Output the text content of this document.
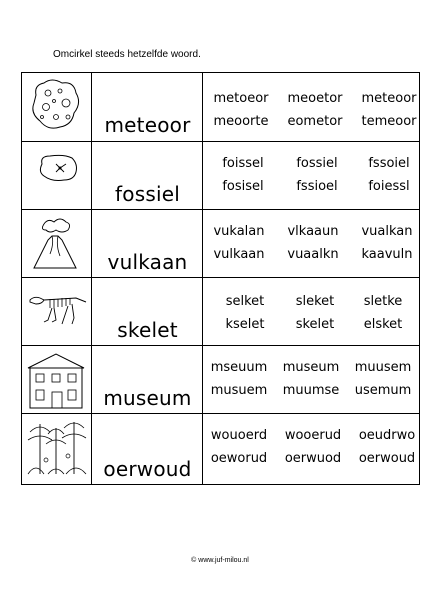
Omcirkel steeds hetzelfde woord.
meteoor
metoeor	meoetor	meteoor
meoorte	eometor	temeoor
fossiel
foissel	fossiel	fssoiel
fosisel	fssioel	foiessl
vulkaan
vukalan	vlkaaun	vualkan
vulkaan	vuaalkn	kaavuln
skelet
selket	sleket	sletke
kselet	skelet	elsket
museum
mseuum	museum	muusem
musuem	muumse	usemum
oerwoud
wouoerd	wooerud	oeudrwo
oeworud	oerwuod	oerwoud
© www.juf-milou.nl
